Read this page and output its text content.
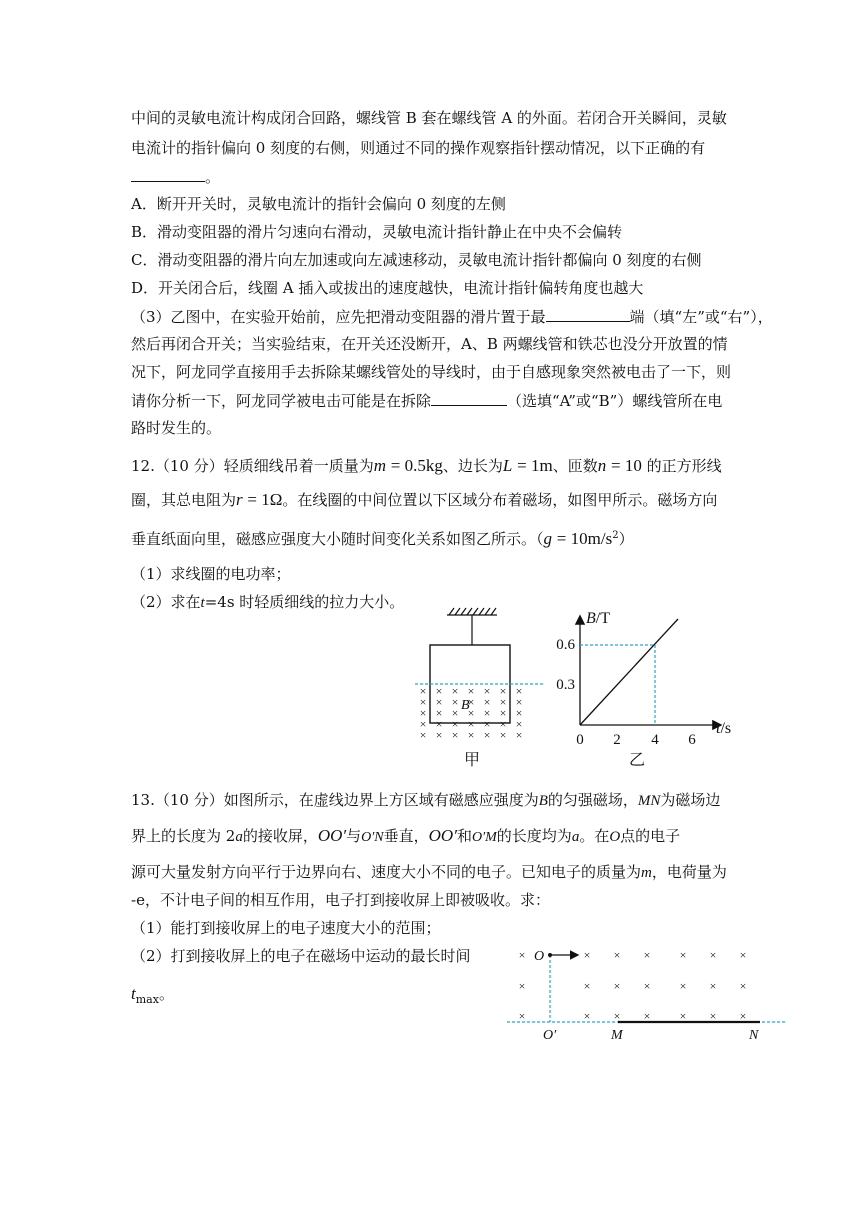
中间的灵敏电流计构成闭合回路，螺线管 B 套在螺线管 A 的外面。若闭合开关瞬间，灵敏
电流计的指针偏向 0 刻度的右侧，则通过不同的操作观察指针摆动情况，以下正确的有
。
A．断开开关时，灵敏电流计的指针会偏向 0 刻度的左侧
B．滑动变阻器的滑片匀速向右滑动，灵敏电流计指针静止在中央不会偏转
C．滑动变阻器的滑片向左加速或向左减速移动，灵敏电流计指针都偏向 0 刻度的右侧
D．开关闭合后，线圈 A 插入或拔出的速度越快，电流计指针偏转角度也越大
（3）乙图中，在实验开始前，应先把滑动变阻器的滑片置于最	端（填“左”或“右”），
然后再闭合开关；当实验结束，在开关还没断开，A、B 两螺线管和铁芯也没分开放置的情
况下，阿龙同学直接用手去拆除某螺线管处的导线时，由于自感现象突然被电击了一下，则
请你分析一下，阿龙同学被电击可能是在拆除	（选填“A”或“B”）螺线管所在电
路时发生的。
12.（10 分）轻质细线吊着一质量为m = 0.5kg、边长为L = 1m、匝数n = 10 的正方形线
圈，其总电阻为r = 1Ω。在线圈的中间位置以下区域分布着磁场，如图甲所示。磁场方向
垂直纸面向里，磁感应强度大小随时间变化关系如图乙所示。$(g = 10m/s^2)$
（1）求线圈的电功率；
（2）求在t=4s 时轻质细线的拉力大小。
× × × × × × ×
× × × × × × ×
× × × × × × ×
× × × × × × ×
× × × × × × ×
B
甲
B/T
t/s
0.6
0.3
0 2 4 6
乙
13.（10 分）如图所示，在虚线边界上方区域有磁感应强度为B的匀强磁场，MN为磁场边
界上的长度为 2a的接收屏，OO′与O′N垂直，OO′和O′M的长度均为a。在O点的电子
源可大量发射方向平行于边界向右、速度大小不同的电子。已知电子的质量为m，电荷量为
-e，不计电子间的相互作用，电子打到接收屏上即被吸收。求：
（1）能打到接收屏上的电子速度大小的范围；
（2）打到接收屏上的电子在磁场中运动的最长时间
$t_{max}$。
×	× × × × × ×
×	× × × × × ×
×	× × × × × ×
O
O′	M	N
